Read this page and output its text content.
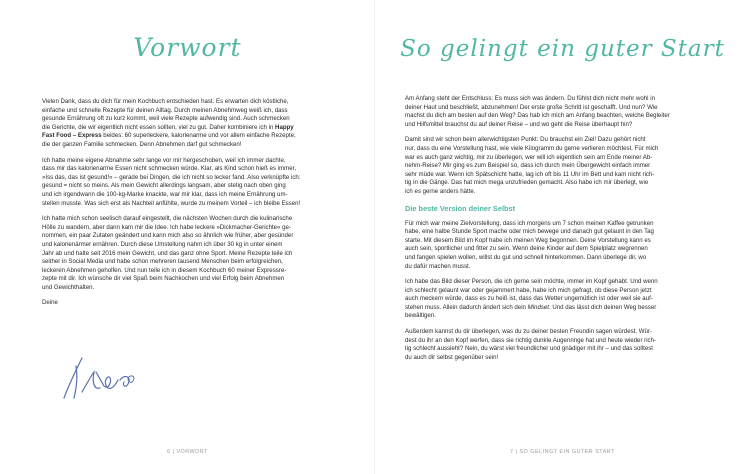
Vorwort

Vielen Dank, dass du dich für mein Kochbuch entschieden hast. Es erwarten dich köstliche,
einfache und schnelle Rezepte für deinen Alltag. Durch meinen Abnehmweg weiß ich, dass
gesunde Ernährung oft zu kurz kommt, weil viele Rezepte aufwendig sind. Auch schmecken
die Gerichte, die wir eigentlich nicht essen sollten, viel zu gut. Daher kombiniere ich in Happy
Fast Food – Express beides: 60 superleckere, kalorienarme und vor allem einfache Rezepte,
die der ganzen Familie schmecken. Denn Abnehmen darf gut schmecken!

Ich hatte meine eigene Abnahme sehr lange vor mir hergeschoben, weil ich immer dachte,
dass mir das kalorienarme Essen nicht schmecken würde. Klar, als Kind schon hieß es immer,
»Iss das, das ist gesund!« – gerade bei Dingen, die ich nicht so lecker fand. Also verknüpfte ich:
gesund = nicht so meins. Als mein Gewicht allerdings langsam, aber stetig nach oben ging
und ich irgendwann die 100-kg-Marke knackte, war mir klar, dass ich meine Ernährung um-
stellen musste. Was sich erst als Nachteil anfühlte, wurde zu meinem Vorteil – ich bleibe Essen!

Ich hatte mich schon seelisch darauf eingestellt, die nächsten Wochen durch die kulinarische
Hölle zu wandern, aber dann kam mir die Idee. Ich habe leckere »Dickmacher-Gerichte« ge-
nommen, ein paar Zutaten geändert und kann mich also so ähnlich wie früher, aber gesünder
und kalorienärmer ernähren. Durch diese Umstellung nahm ich über 30 kg in unter einem
Jahr ab und halte seit 2016 mein Gewicht, und das ganz ohne Sport. Meine Rezepte teile ich
seither in Social Media und habe schon mehreren tausend Menschen beim erfolgreichen,
leckeren Abnehmen geholfen. Und nun teile ich in diesem Kochbuch 60 meiner Expressre-
zepte mit dir. Ich wünsche dir viel Spaß beim Nachkochen und viel Erfolg beim Abnehmen
und Gewichthalten.

Deine

6 | VORWORT
So gelingt ein guter Start

Am Anfang steht der Entschluss: Es muss sich was ändern. Du fühlst dich nicht mehr wohl in
deiner Haut und beschließt, abzunehmen! Der erste große Schritt ist geschafft. Und nun? Wie
machst du dich am besten auf den Weg? Das hab ich mich am Anfang beachten, welche Begleiter
und Hilfsmittel brauchst du auf deiner Reise – und wo geht die Reise überhaupt hin?

Damit sind wir schon beim allerwichtigsten Punkt: Du brauchst ein Ziel! Dazu gehört nicht
nur, dass du eine Vorstellung hast, wie viele Kilogramm du gerne verlieren möchtest. Für mich
war es auch ganz wichtig, mir zu überlegen, wer will ich eigentlich sein am Ende meiner Ab-
nehm-Reise? Mir ging es zum Beispiel so, dass ich durch mein Übergewicht einfach immer
sehr müde war. Wenn ich Spätschicht hatte, lag ich oft bis 11 Uhr im Bett und kam nicht rich-
tig in die Gänge. Das hat mich mega unzufrieden gemacht. Also habe ich mir überlegt, wie
ich es gerne anders hätte.

Die beste Version deiner Selbst

Für mich war meine Zielvorstellung, dass ich morgens um 7 schon meinen Kaffee getrunken
habe, eine halbe Stunde Sport mache oder mich bewege und danach gut gelaunt in den Tag
starte. Mit diesem Bild im Kopf habe ich meinen Weg begonnen. Deine Vorstellung kann es
auch sein, sportlicher und fitter zu sein. Wenn deine Kinder auf dem Spielplatz wegrennen
und fangen spielen wollen, willst du gut und schnell hinterkommen. Dann überlege dir, wo
du dafür machen musst.

Ich habe das Bild dieser Person, die ich gerne sein möchte, immer im Kopf gehabt. Und wenn
ich schlecht gelaunt war oder gejammert habe, habe ich mich gefragt, ob diese Person jetzt
auch meckern würde, dass es zu heiß ist, dass das Wetter ungemütlich ist oder weil sie auf-
stehen muss. Allein dadurch ändert sich dein Mindset. Und das lässt dich deinen Weg besser
bewältigen.

Außerdem kannst du dir überlegen, was du zu deiner besten Freundin sagen würdest. Wür-
dest du ihr an den Kopf werfen, dass sie richtig dunkle Augenringe hat und heute wieder rich-
tig schlecht aussieht? Nein, du wärst viel freundlicher und gnädiger mit ihr – und das solltest
du auch dir selbst gegenüber sein!

7 | SO GELINGT EIN GUTER START
